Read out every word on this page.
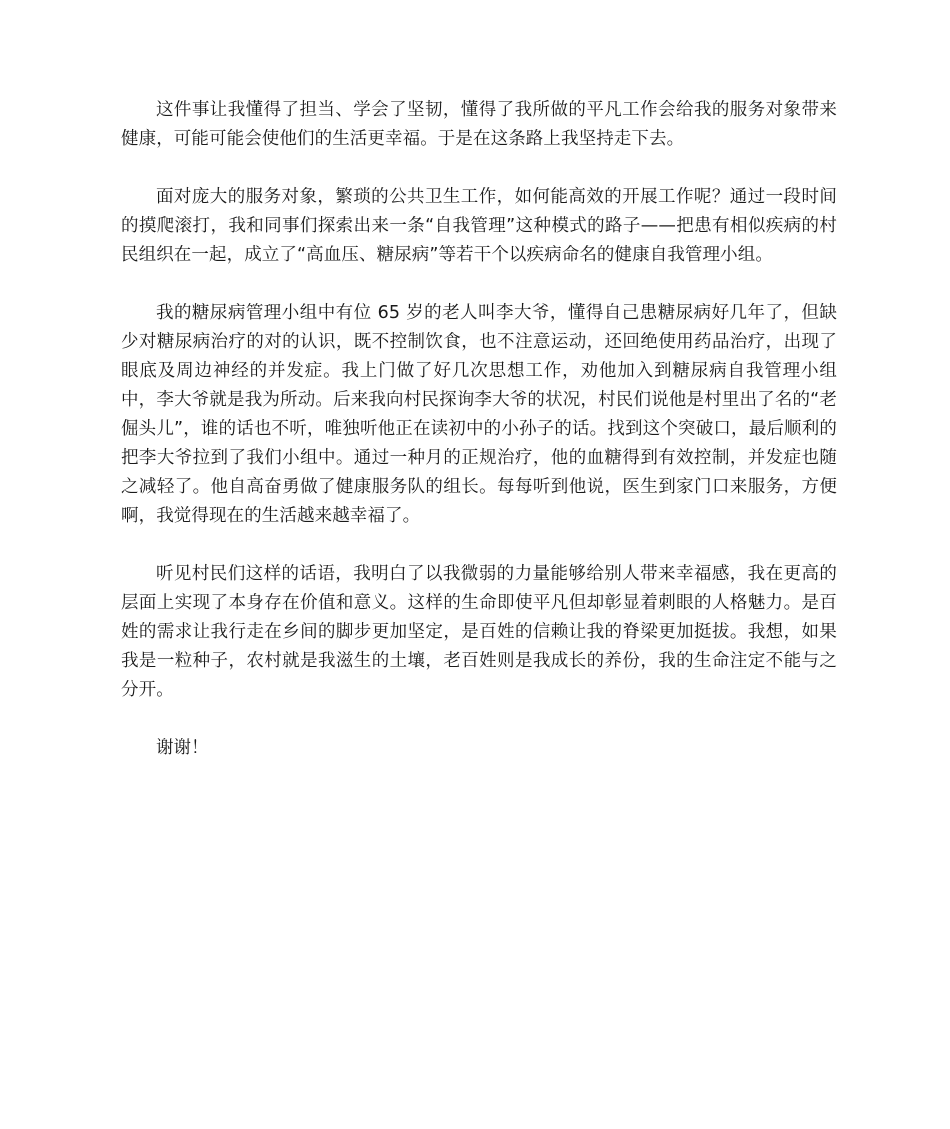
这件事让我懂得了担当、学会了坚韧，懂得了我所做的平凡工作会给我的服务对象带来健康，可能可能会使他们的生活更幸福。于是在这条路上我坚持走下去。

面对庞大的服务对象，繁琐的公共卫生工作，如何能高效的开展工作呢？通过一段时间的摸爬滚打，我和同事们探索出来一条“自我管理”这种模式的路子——把患有相似疾病的村民组织在一起，成立了“高血压、糖尿病”等若干个以疾病命名的健康自我管理小组。

我的糖尿病管理小组中有位 65 岁的老人叫李大爷，懂得自己患糖尿病好几年了，但缺少对糖尿病治疗的对的认识，既不控制饮食，也不注意运动，还回绝使用药品治疗，出现了眼底及周边神经的并发症。我上门做了好几次思想工作，劝他加入到糖尿病自我管理小组中，李大爷就是我为所动。后来我向村民探询李大爷的状况，村民们说他是村里出了名的“老倔头儿”，谁的话也不听，唯独听他正在读初中的小孙子的话。找到这个突破口，最后顺利的把李大爷拉到了我们小组中。通过一种月的正规治疗，他的血糖得到有效控制，并发症也随之减轻了。他自高奋勇做了健康服务队的组长。每每听到他说，医生到家门口来服务，方便啊，我觉得现在的生活越来越幸福了。

听见村民们这样的话语，我明白了以我微弱的力量能够给别人带来幸福感，我在更高的层面上实现了本身存在价值和意义。这样的生命即使平凡但却彰显着刺眼的人格魅力。是百姓的需求让我行走在乡间的脚步更加坚定，是百姓的信赖让我的脊梁更加挺拔。我想，如果我是一粒种子，农村就是我滋生的土壤，老百姓则是我成长的养份，我的生命注定不能与之分开。

谢谢！
